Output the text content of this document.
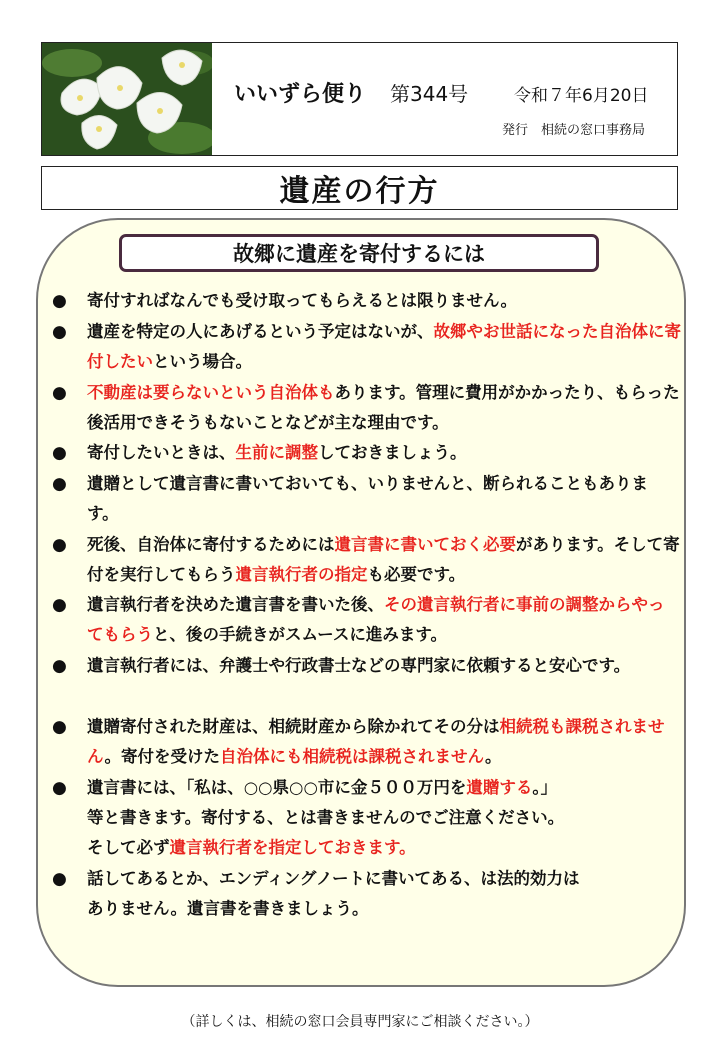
いいずら便り 第344号	令和７年6月20日
発行　相続の窓口事務局
遺産の行方
故郷に遺産を寄付するには
● 寄付すればなんでも受け取ってもらえるとは限りません。
● 遺産を特定の人にあげるという予定はないが、故郷やお世話になった自治体に寄付したいという場合。
● 不動産は要らないという自治体もあります。管理に費用がかかったり、もらった後活用できそうもないことなどが主な理由です。
● 寄付したいときは、生前に調整しておきましょう。
● 遺贈として遺言書に書いておいても、いりませんと、断られることもあります。
● 死後、自治体に寄付するためには遺言書に書いておく必要があります。そして寄付を実行してもらう遺言執行者の指定も必要です。
● 遺言執行者を決めた遺言書を書いた後、その遺言執行者に事前の調整からやってもらうと、後の手続きがスムースに進みます。
● 遺言執行者には、弁護士や行政書士などの専門家に依頼すると安心です。
● 遺贈寄付された財産は、相続財産から除かれてその分は相続税も課税されません。寄付を受けた自治体にも相続税は課税されません。
● 遺言書には、「私は、○○県○○市に金５００万円を遺贈する。」
等と書きます。寄付する、とは書きませんのでご注意ください。
そして必ず遺言執行者を指定しておきます。
● 話してあるとか、エンディングノートに書いてある、は法的効力は
ありません。遺言書を書きましょう。
（詳しくは、相続の窓口会員専門家にご相談ください。）
